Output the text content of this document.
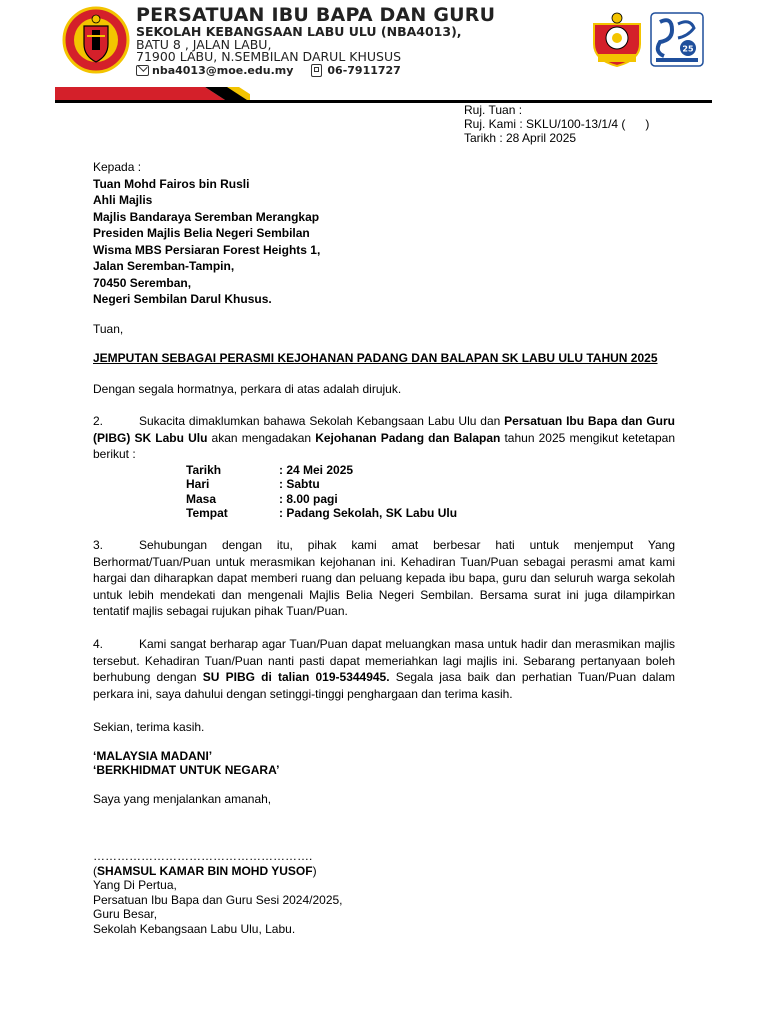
PERSATUAN IBU BAPA DAN GURU
SEKOLAH KEBANGSAAN LABU ULU (NBA4013),
BATU 8 , JALAN LABU,
71900 LABU, N.SEMBILAN DARUL KHUSUS
nba4013@moe.edu.my	06-7911727
25
Ruj. Tuan :
Ruj. Kami : SKLU/100-13/1/4 (      )
Tarikh : 28 April 2025
Kepada :
Tuan Mohd Fairos bin Rusli
Ahli Majlis
Majlis Bandaraya Seremban Merangkap
Presiden Majlis Belia Negeri Sembilan
Wisma MBS Persiaran Forest Heights 1,
Jalan Seremban-Tampin,
70450 Seremban,
Negeri Sembilan Darul Khusus.
Tuan,
JEMPUTAN SEBAGAI PERASMI KEJOHANAN PADANG DAN BALAPAN SK LABU ULU TAHUN 2025
Dengan segala hormatnya, perkara di atas adalah dirujuk.
2.	Sukacita dimaklumkan bahawa Sekolah Kebangsaan Labu Ulu dan Persatuan Ibu Bapa dan Guru (PIBG) SK Labu Ulu akan mengadakan Kejohanan Padang dan Balapan tahun 2025 mengikut ketetapan berikut :
Tarikh	: 24 Mei 2025
Hari	: Sabtu
Masa	: 8.00 pagi
Tempat	: Padang Sekolah, SK Labu Ulu
3.	Sehubungan dengan itu, pihak kami amat berbesar hati untuk menjemput Yang Berhormat/Tuan/Puan untuk merasmikan kejohanan ini. Kehadiran Tuan/Puan sebagai perasmi amat kami hargai dan diharapkan dapat memberi ruang dan peluang kepada ibu bapa, guru dan seluruh warga sekolah untuk lebih mendekati dan mengenali Majlis Belia Negeri Sembilan. Bersama surat ini juga dilampirkan tentatif majlis sebagai rujukan pihak Tuan/Puan.
4.	Kami sangat berharap agar Tuan/Puan dapat meluangkan masa untuk hadir dan merasmikan majlis tersebut. Kehadiran Tuan/Puan nanti pasti dapat memeriahkan lagi majlis ini. Sebarang pertanyaan boleh berhubung dengan SU PIBG di talian 019-5344945. Segala jasa baik dan perhatian Tuan/Puan dalam perkara ini, saya dahului dengan setinggi-tinggi penghargaan dan terima kasih.
Sekian, terima kasih.
‘MALAYSIA MADANI’
‘BERKHIDMAT UNTUK NEGARA’
Saya yang menjalankan amanah,
……………………………………………….
(SHAMSUL KAMAR BIN MOHD YUSOF)
Yang Di Pertua,
Persatuan Ibu Bapa dan Guru Sesi 2024/2025,
Guru Besar,
Sekolah Kebangsaan Labu Ulu, Labu.
